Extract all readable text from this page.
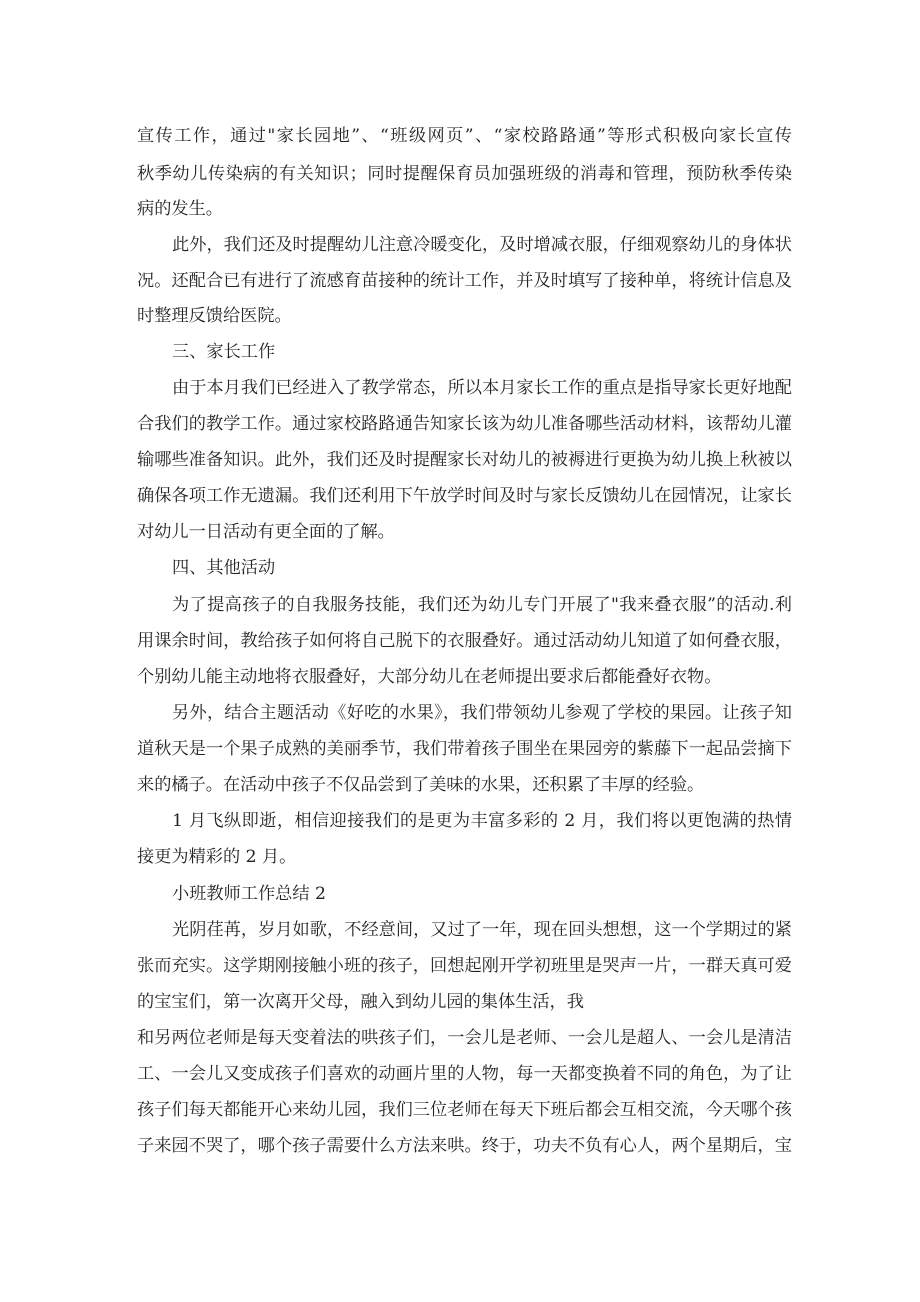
宣传工作，通过"家长园地”、“班级网页”、“家校路路通”等形式积极向家长宣传
秋季幼儿传染病的有关知识；同时提醒保育员加强班级的消毒和管理，预防秋季传染
病的发生。
此外，我们还及时提醒幼儿注意冷暖变化，及时增减衣服，仔细观察幼儿的身体状
况。还配合已有进行了流感育苗接种的统计工作，并及时填写了接种单，将统计信息及
时整理反馈给医院。
三、家长工作
由于本月我们已经进入了教学常态，所以本月家长工作的重点是指导家长更好地配
合我们的教学工作。通过家校路路通告知家长该为幼儿准备哪些活动材料，该帮幼儿灌
输哪些准备知识。此外，我们还及时提醒家长对幼儿的被褥进行更换为幼儿换上秋被以
确保各项工作无遗漏。我们还利用下午放学时间及时与家长反馈幼儿在园情况，让家长
对幼儿一日活动有更全面的了解。
四、其他活动
为了提高孩子的自我服务技能，我们还为幼儿专门开展了"我来叠衣服”的活动.利
用课余时间，教给孩子如何将自己脱下的衣服叠好。通过活动幼儿知道了如何叠衣服，
个别幼儿能主动地将衣服叠好，大部分幼儿在老师提出要求后都能叠好衣物。
另外，结合主题活动《好吃的水果》，我们带领幼儿参观了学校的果园。让孩子知
道秋天是一个果子成熟的美丽季节，我们带着孩子围坐在果园旁的紫藤下一起品尝摘下
来的橘子。在活动中孩子不仅品尝到了美味的水果，还积累了丰厚的经验。
1 月飞纵即逝，相信迎接我们的是更为丰富多彩的 2 月，我们将以更饱满的热情
接更为精彩的 2 月。
小班教师工作总结 2
光阴荏苒，岁月如歌，不经意间，又过了一年，现在回头想想，这一个学期过的紧
张而充实。这学期刚接触小班的孩子，回想起刚开学初班里是哭声一片，一群天真可爱
的宝宝们，第一次离开父母，融入到幼儿园的集体生活，我
和另两位老师是每天变着法的哄孩子们，一会儿是老师、一会儿是超人、一会儿是清洁
工、一会儿又变成孩子们喜欢的动画片里的人物，每一天都变换着不同的角色，为了让
孩子们每天都能开心来幼儿园，我们三位老师在每天下班后都会互相交流，今天哪个孩
子来园不哭了，哪个孩子需要什么方法来哄。终于，功夫不负有心人，两个星期后，宝
